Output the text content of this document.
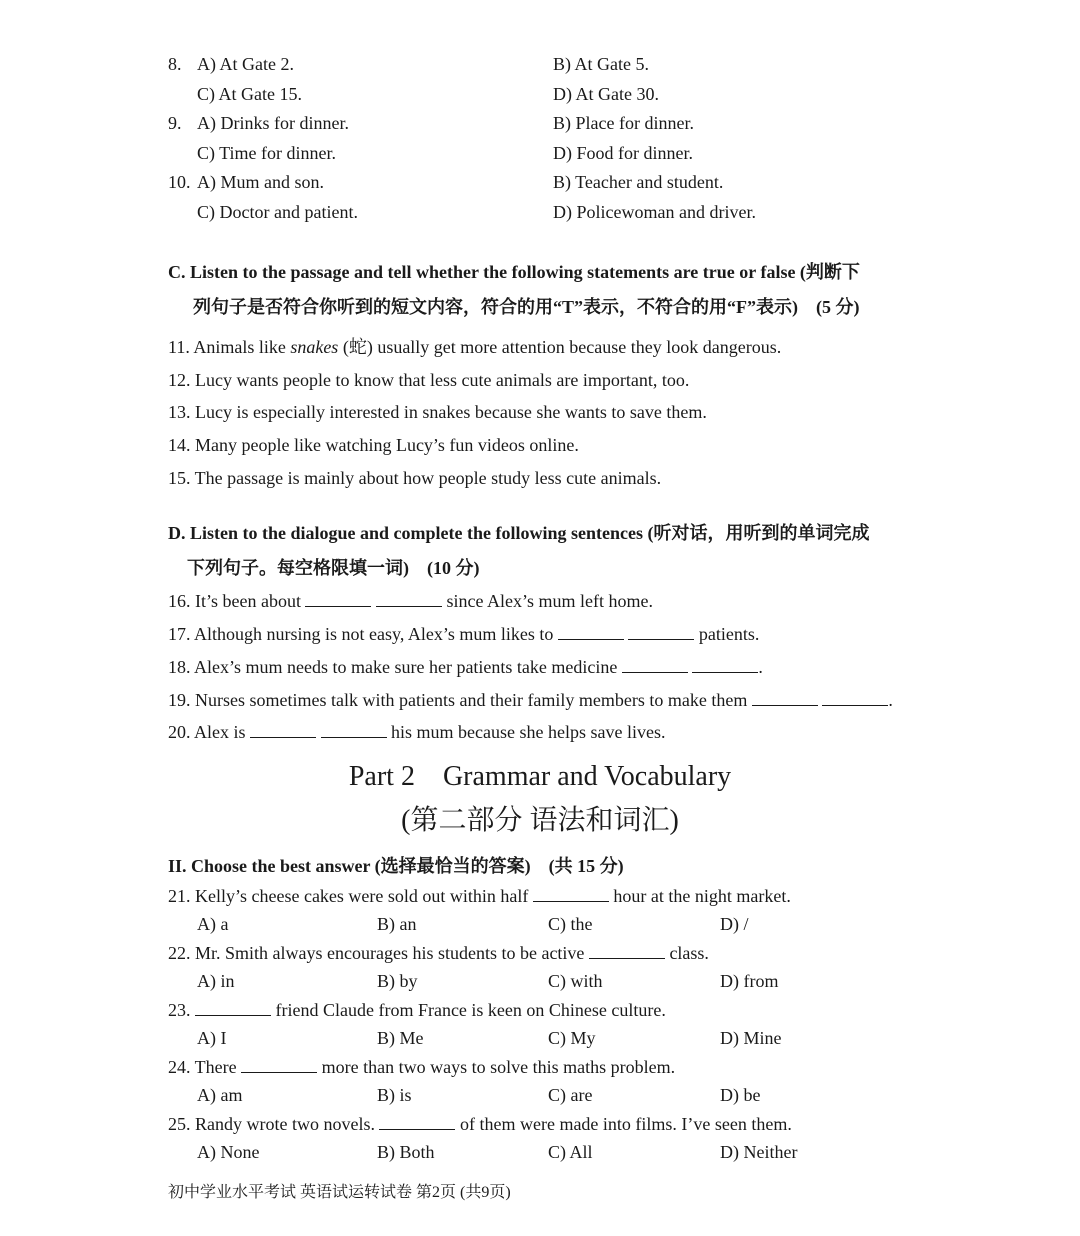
8. A) At Gate 2.	B) At Gate 5.
C) At Gate 15.	D) At Gate 30.
9. A) Drinks for dinner.	B) Place for dinner.
C) Time for dinner.	D) Food for dinner.
10. A) Mum and son.	B) Teacher and student.
C) Doctor and patient.	D) Policewoman and driver.
C. Listen to the passage and tell whether the following statements are true or false (判断下
列句子是否符合你听到的短文内容，符合的用“T”表示，不符合的用“F”表示)　(5 分)
11. Animals like snakes (蛇) usually get more attention because they look dangerous.
12. Lucy wants people to know that less cute animals are important, too.
13. Lucy is especially interested in snakes because she wants to save them.
14. Many people like watching Lucy’s fun videos online.
15. The passage is mainly about how people study less cute animals.
D. Listen to the dialogue and complete the following sentences (听对话，用听到的单词完成
下列句子。每空格限填一词)　(10 分)
16. It’s been about	since Alex’s mum left home.
17. Although nursing is not easy, Alex’s mum likes to	patients.
18. Alex’s mum needs to make sure her patients take medicine	.
19. Nurses sometimes talk with patients and their family members to make them	.
20. Alex is	his mum because she helps save lives.
Part 2　Grammar and Vocabulary
(第二部分 语法和词汇)
II. Choose the best answer (选择最恰当的答案)　(共 15 分)
21. Kelly’s cheese cakes were sold out within half	hour at the night market.
A) a	B) an	C) the	D) /
22. Mr. Smith always encourages his students to be active	class.
A) in	B) by	C) with	D) from
23.	friend Claude from France is keen on Chinese culture.
A) I	B) Me	C) My	D) Mine
24. There	more than two ways to solve this maths problem.
A) am	B) is	C) are	D) be
25. Randy wrote two novels.	of them were made into films. I’ve seen them.
A) None	B) Both	C) All	D) Neither
初中学业水平考试 英语试运转试卷 第2页 (共9页)
